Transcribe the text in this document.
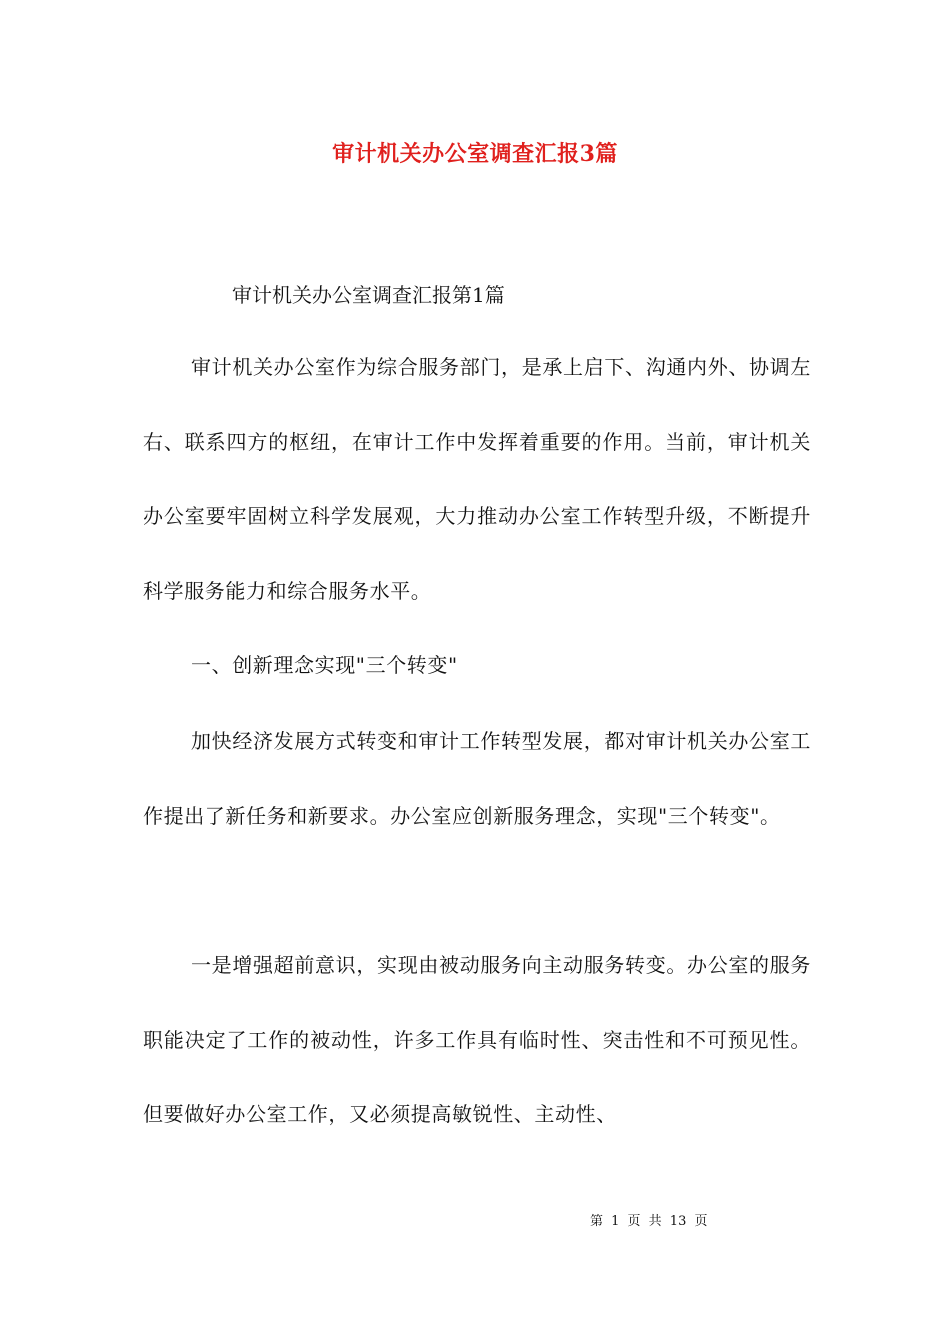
审计机关办公室调查汇报3篇
审计机关办公室调查汇报第1篇

审计机关办公室作为综合服务部门，是承上启下、沟通内外、协调左右、联系四方的枢纽，在审计工作中发挥着重要的作用。当前，审计机关办公室要牢固树立科学发展观，大力推动办公室工作转型升级，不断提升科学服务能力和综合服务水平。

一、创新理念实现"三个转变"

加快经济发展方式转变和审计工作转型发展，都对审计机关办公室工作提出了新任务和新要求。办公室应创新服务理念，实现"三个转变"。

一是增强超前意识，实现由被动服务向主动服务转变。办公室的服务职能决定了工作的被动性，许多工作具有临时性、突击性和不可预见性。但要做好办公室工作，又必须提高敏锐性、主动性、

第 1 页 共 13 页
